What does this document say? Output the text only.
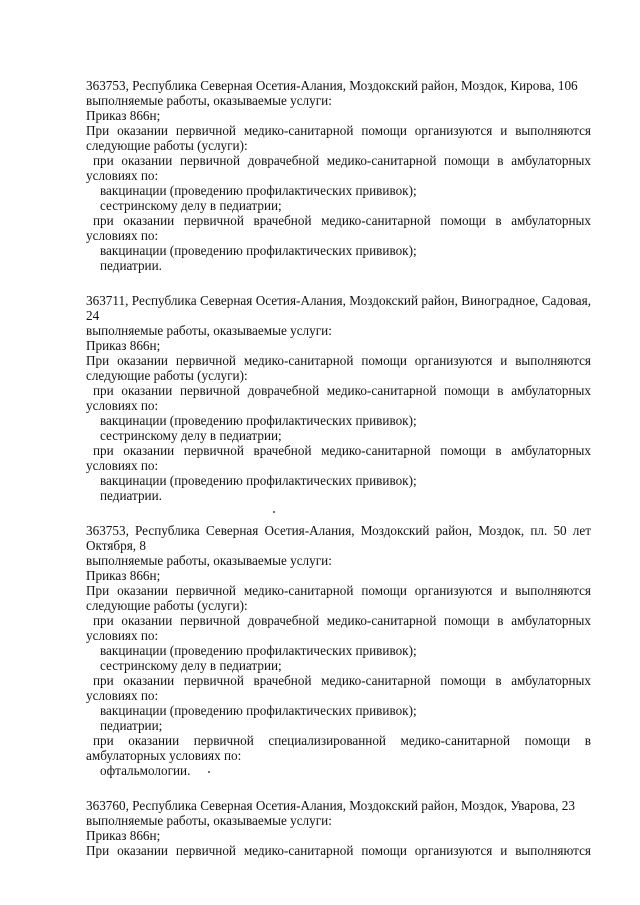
363753, Республика Северная Осетия-Алания, Моздокский район, Моздок, Кирова, 106
выполняемые работы, оказываемые услуги:
Приказ 866н;
При оказании первичной медико-санитарной помощи организуются и выполняются
следующие работы (услуги):
при оказании первичной доврачебной медико-санитарной помощи в амбулаторных
условиях по:
вакцинации (проведению профилактических прививок);
сестринскому делу в педиатрии;
при оказании первичной врачебной медико-санитарной помощи в амбулаторных
условиях по:
вакцинации (проведению профилактических прививок);
педиатрии.
363711, Республика Северная Осетия-Алания, Моздокский район, Виноградное, Садовая,
24
выполняемые работы, оказываемые услуги:
Приказ 866н;
При оказании первичной медико-санитарной помощи организуются и выполняются
следующие работы (услуги):
при оказании первичной доврачебной медико-санитарной помощи в амбулаторных
условиях по:
вакцинации (проведению профилактических прививок);
сестринскому делу в педиатрии;
при оказании первичной врачебной медико-санитарной помощи в амбулаторных
условиях по:
вакцинации (проведению профилактических прививок);
педиатрии.
363753, Республика Северная Осетия-Алания, Моздокский район, Моздок, пл. 50 лет
Октября, 8
выполняемые работы, оказываемые услуги:
Приказ 866н;
При оказании первичной медико-санитарной помощи организуются и выполняются
следующие работы (услуги):
при оказании первичной доврачебной медико-санитарной помощи в амбулаторных
условиях по:
вакцинации (проведению профилактических прививок);
сестринскому делу в педиатрии;
при оказании первичной врачебной медико-санитарной помощи в амбулаторных
условиях по:
вакцинации (проведению профилактических прививок);
педиатрии;
при оказании первичной специализированной медико-санитарной помощи в
амбулаторных условиях по:
офтальмологии.
363760, Республика Северная Осетия-Алания, Моздокский район, Моздок, Уварова, 23
выполняемые работы, оказываемые услуги:
Приказ 866н;
При оказании первичной медико-санитарной помощи организуются и выполняются
